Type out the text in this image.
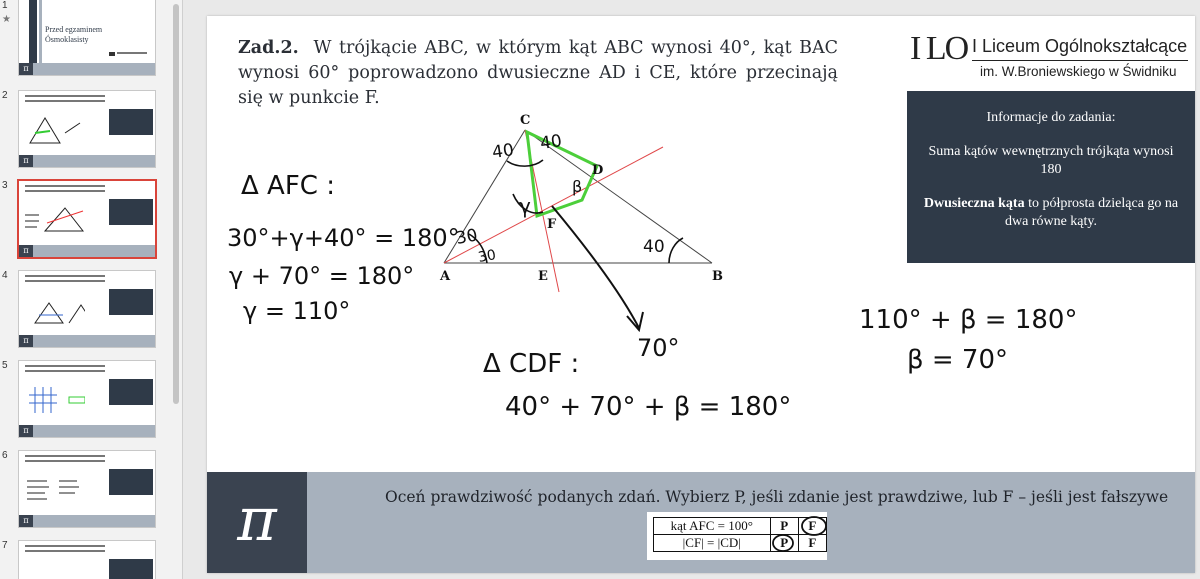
1
★
Przed egzaminem
Ósmoklasisty
π
2
π
3
π
4
π
5
π
6
π
7
Zad.2. W trójkącie ABC, w którym kąt ABC wynosi 40°, kąt BAC wynosi 60° poprowadzono dwusieczne AD i CE, które przecinają się w punkcie F.
I LO I Liceum Ogólnokształcące
im. W.Broniewskiego w Świdniku
Informacje do zadania:
Suma kątów wewnętrznych trójkąta wynosi 180
Dwusieczna kąta to półprosta dzieląca go na dwa równe kąty.
C
D
F
A	E	B
40 40
30
30	40
β
γ
Δ AFC :
30°+γ+40° = 180°
γ + 70° = 180°
γ = 110°
70°
Δ CDF :
40° + 70° + β = 180°
110° + β = 180°
β = 70°
π	Oceń prawdziwość podanych zdań. Wybierz P, jeśli zdanie jest prawdziwe, lub F – jeśli jest fałszywe
kąt AFC = 100°	P	F
|CF| = |CD|	P	F
